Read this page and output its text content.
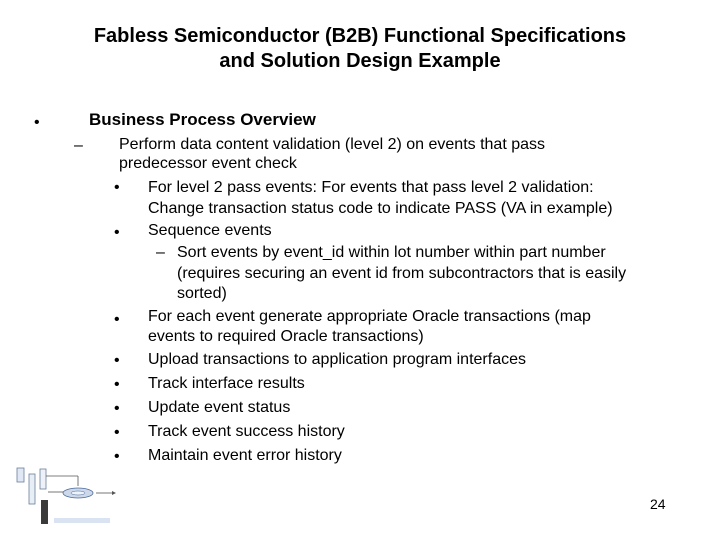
Fabless Semiconductor (B2B) Functional Specifications
and Solution Design Example
•	Business Process Overview
– Perform data content validation (level 2) on events that pass
predecessor event check
• For level 2 pass events: For events that pass level 2 validation:
Change transaction status code to indicate PASS (VA in example)
• Sequence events
– Sort events by event_id within lot number within part number
(requires securing an event id from subcontractors that is easily
sorted)
• For each event generate appropriate Oracle transactions (map
events to required Oracle transactions)
• Upload transactions to application program interfaces
• Track interface results
• Update event status
• Track event success history
• Maintain event error history
24
